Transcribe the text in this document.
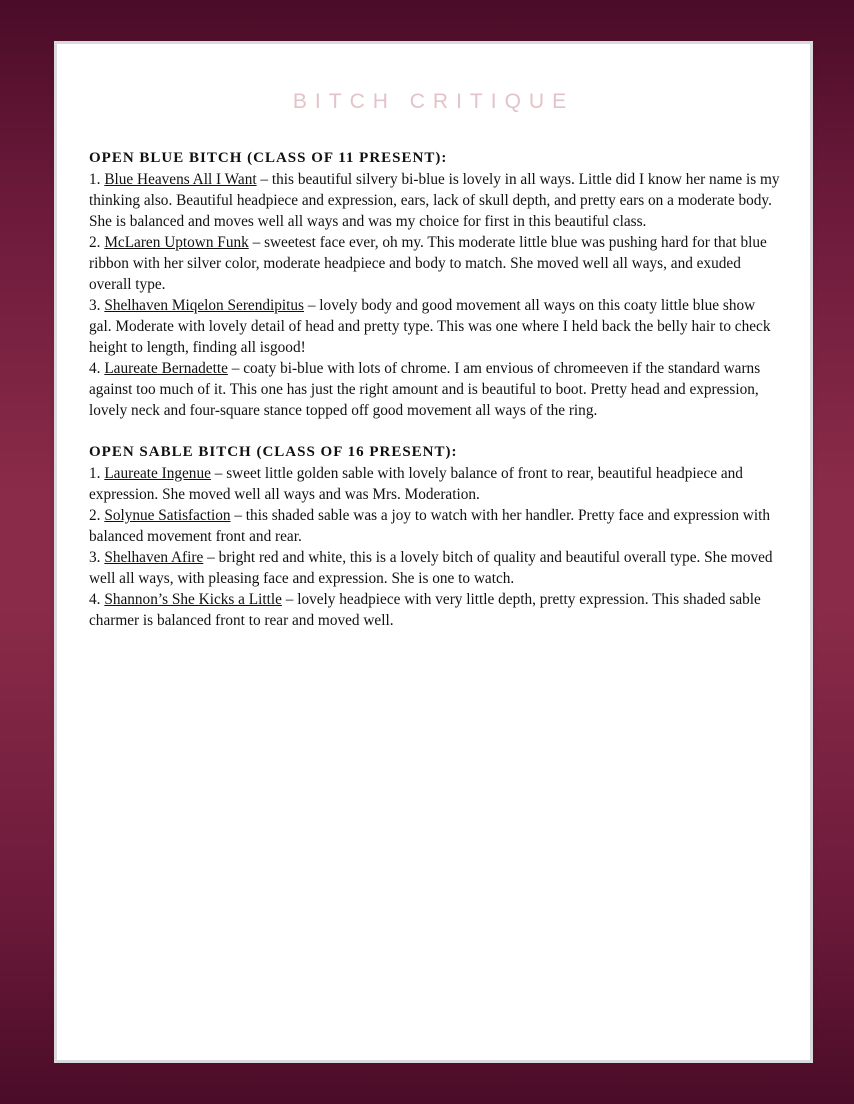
BITCH CRITIQUE
OPEN BLUE BITCH (CLASS OF 11 PRESENT):
1. Blue Heavens All I Want – this beautiful silvery bi-blue is lovely in all ways. Little did I know her name is my thinking also. Beautiful headpiece and expression, ears, lack of skull depth, and pretty ears on a moderate body. She is balanced and moves well all ways and was my choice for first in this beautiful class.
2. McLaren Uptown Funk – sweetest face ever, oh my. This moderate little blue was pushing hard for that blue ribbon with her silver color, moderate headpiece and body to match. She moved well all ways, and exuded overall type.
3. Shelhaven Miqelon Serendipitus – lovely body and good movement all ways on this coaty little blue show gal. Moderate with lovely detail of head and pretty type. This was one where I held back the belly hair to check height to length, finding all isgood!
4. Laureate Bernadette – coaty bi-blue with lots of chrome. I am envious of chromeeven if the standard warns against too much of it. This one has just the right amount and is beautiful to boot. Pretty head and expression, lovely neck and four-square stance topped off good movement all ways of the ring.
OPEN SABLE BITCH (CLASS OF 16 PRESENT):
1. Laureate Ingenue – sweet little golden sable with lovely balance of front to rear, beautiful headpiece and expression. She moved well all ways and was Mrs. Moderation.
2. Solynue Satisfaction – this shaded sable was a joy to watch with her handler. Pretty face and expression with balanced movement front and rear.
3. Shelhaven Afire – bright red and white, this is a lovely bitch of quality and beautiful overall type. She moved well all ways, with pleasing face and expression. She is one to watch.
4. Shannon’s She Kicks a Little – lovely headpiece with very little depth, pretty expression. This shaded sable charmer is balanced front to rear and moved well.
